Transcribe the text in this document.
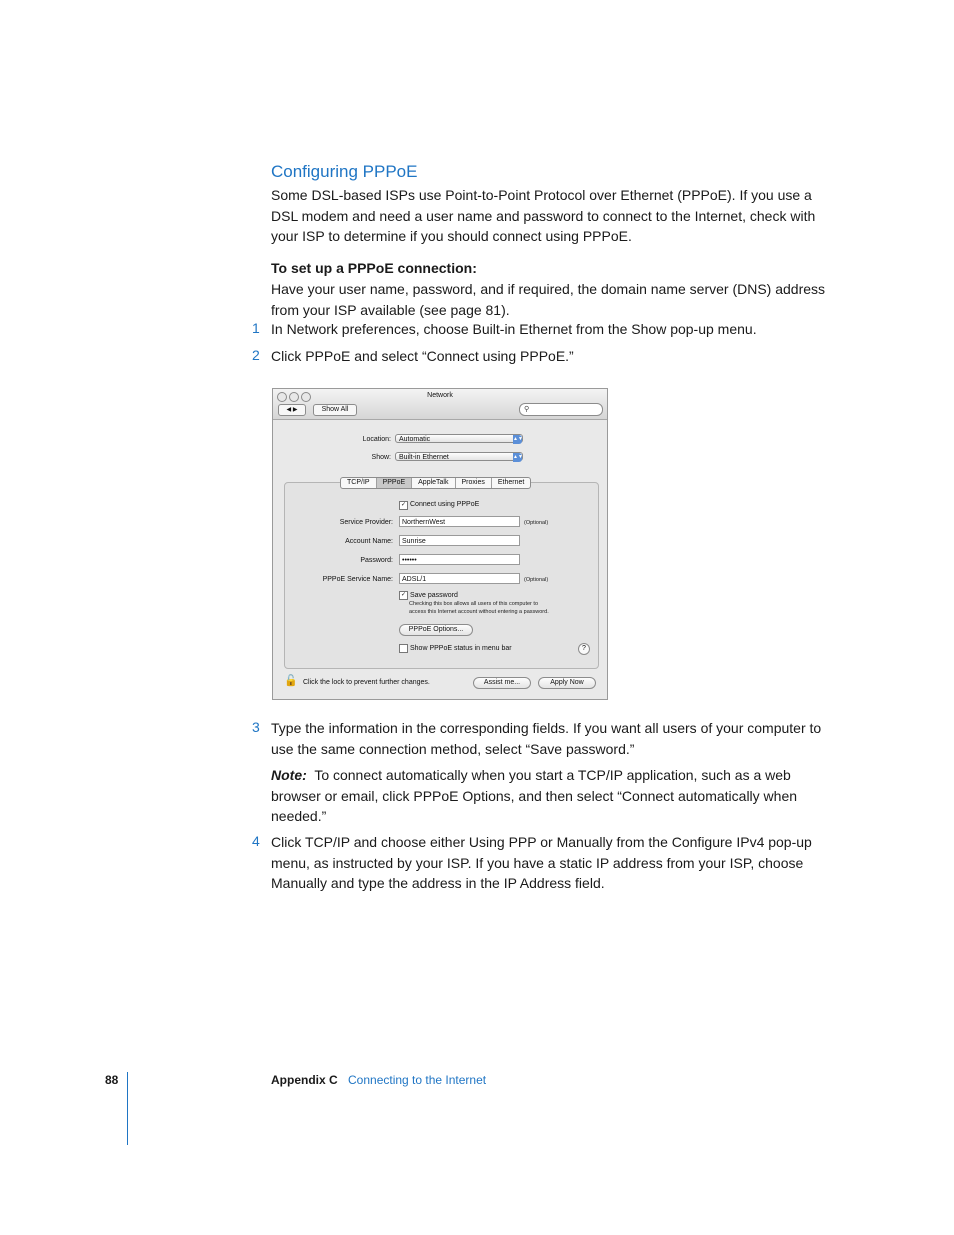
Configuring PPPoE
Some DSL-based ISPs use Point-to-Point Protocol over Ethernet (PPPoE). If you use a DSL modem and need a user name and password to connect to the Internet, check with your ISP to determine if you should connect using PPPoE.
To set up a PPPoE connection:
Have your user name, password, and if required, the domain name server (DNS) address from your ISP available (see page 81).
1 In Network preferences, choose Built-in Ethernet from the Show pop-up menu.
2 Click PPPoE and select “Connect using PPPoE.”
Network
◀ ▶	Show All	⚲
Location:	Automatic	▲▼
Show:	Built-in Ethernet	▲▼
TCP/IP	PPPoE	AppleTalk	Proxies	Ethernet
✓ Connect using PPPoE
Service Provider:	NorthernWest	(Optional)
Account Name:	Sunrise
Password:	••••••
PPPoE Service Name:	ADSL/1	(Optional)
✓ Save password
Checking this box allows all users of this computer to
access this Internet account without entering a password.
PPPoE Options...
Show PPPoE status in menu bar	?
🔓 Click the lock to prevent further changes.	Assist me...	Apply Now
3 Type the information in the corresponding fields. If you want all users of your computer to use the same connection method, select “Save password.”
Note: To connect automatically when you start a TCP/IP application, such as a web browser or email, click PPPoE Options, and then select “Connect automatically when needed.”
4 Click TCP/IP and choose either Using PPP or Manually from the Configure IPv4 pop-up menu, as instructed by your ISP. If you have a static IP address from your ISP, choose Manually and type the address in the IP Address field.
88	Appendix C Connecting to the Internet
